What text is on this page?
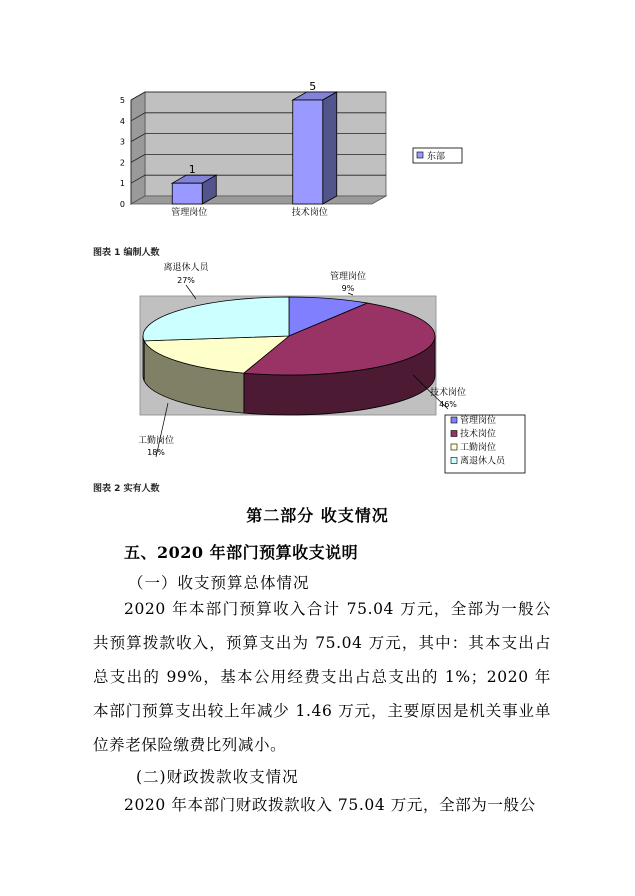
0
1
2
3
4
5
1
管理岗位
5
技术岗位
东部
图表 1 编制人数
管理岗位
9%
技术岗位
46%
工勤岗位
18%
离退休人员
27%
管理岗位
技术岗位
工勤岗位
离退休人员
图表 2 实有人数
第二部分 收支情况
五、2020 年部门预算收支说明
（一）收支预算总体情况
2020 年本部门预算收入合计 75.04 万元，全部为一般公共预算拨款收入，预算支出为 75.04 万元，其中：其本支出占总支出的 99%，基本公用经费支出占总支出的 1%；2020 年本部门预算支出较上年减少 1.46 万元，主要原因是机关事业单位养老保险缴费比列减小。
(二)财政拨款收支情况
2020 年本部门财政拨款收入 75.04 万元，全部为一般公
